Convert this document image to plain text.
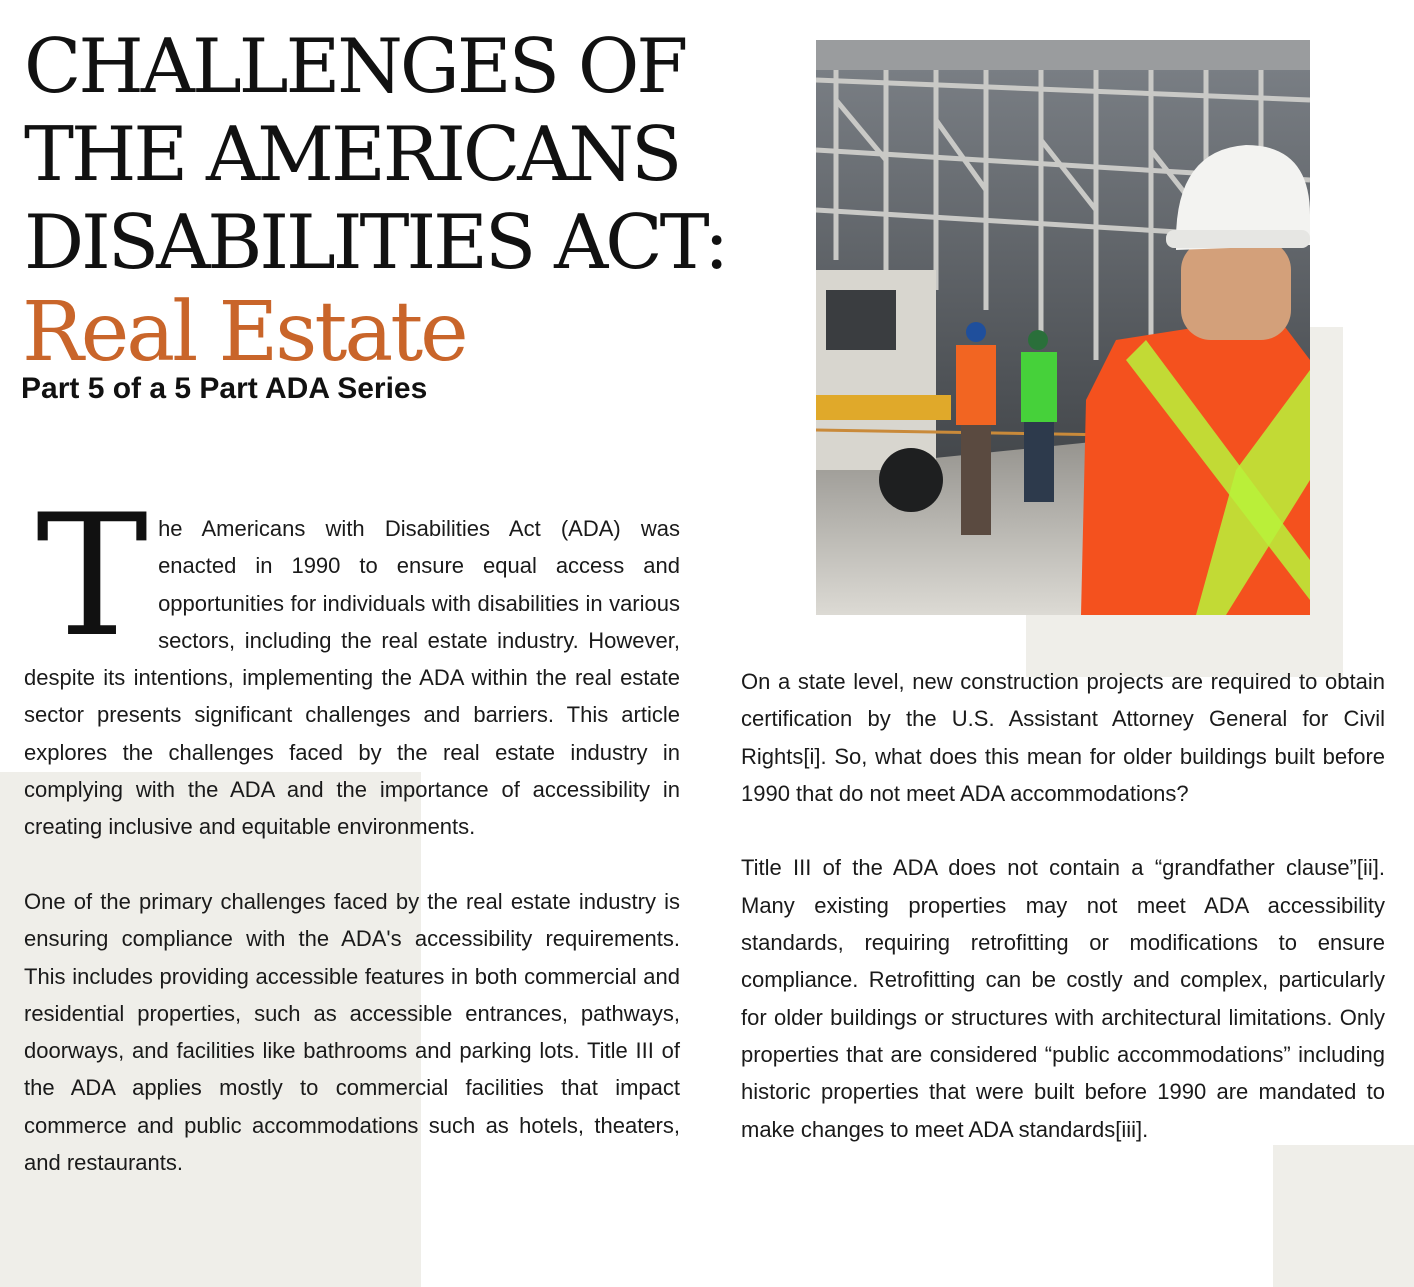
CHALLENGES OF
THE AMERICANS
DISABILITIES ACT:
Real Estate
Part 5 of a 5 Part ADA Series

The Americans with Disabilities Act (ADA) was enacted in 1990 to ensure equal access and opportunities for individuals with disabilities in various sectors, including the real estate industry. However, despite its intentions, implementing the ADA within the real estate sector presents significant challenges and barriers. This article explores the challenges faced by the real estate industry in complying with the ADA and the importance of accessibility in creating inclusive and equitable environments.

One of the primary challenges faced by the real estate industry is ensuring compliance with the ADA's accessibility requirements. This includes providing accessible features in both commercial and residential properties, such as accessible entrances, pathways, doorways, and facilities like bathrooms and parking lots. Title III of the ADA applies mostly to commercial facilities that impact commerce and public accommodations such as hotels, theaters, and restaurants.

On a state level, new construction projects are required to obtain certification by the U.S. Assistant Attorney General for Civil Rights[i]. So, what does this mean for older buildings built before 1990 that do not meet ADA accommodations?

Title III of the ADA does not contain a “grandfather clause”[ii]. Many existing properties may not meet ADA accessibility standards, requiring retrofitting or modifications to ensure compliance. Retrofitting can be costly and complex, particularly for older buildings or structures with architectural limitations. Only properties that are considered “public accommodations” including historic properties that were built before 1990 are mandated to make changes to meet ADA standards[iii].
